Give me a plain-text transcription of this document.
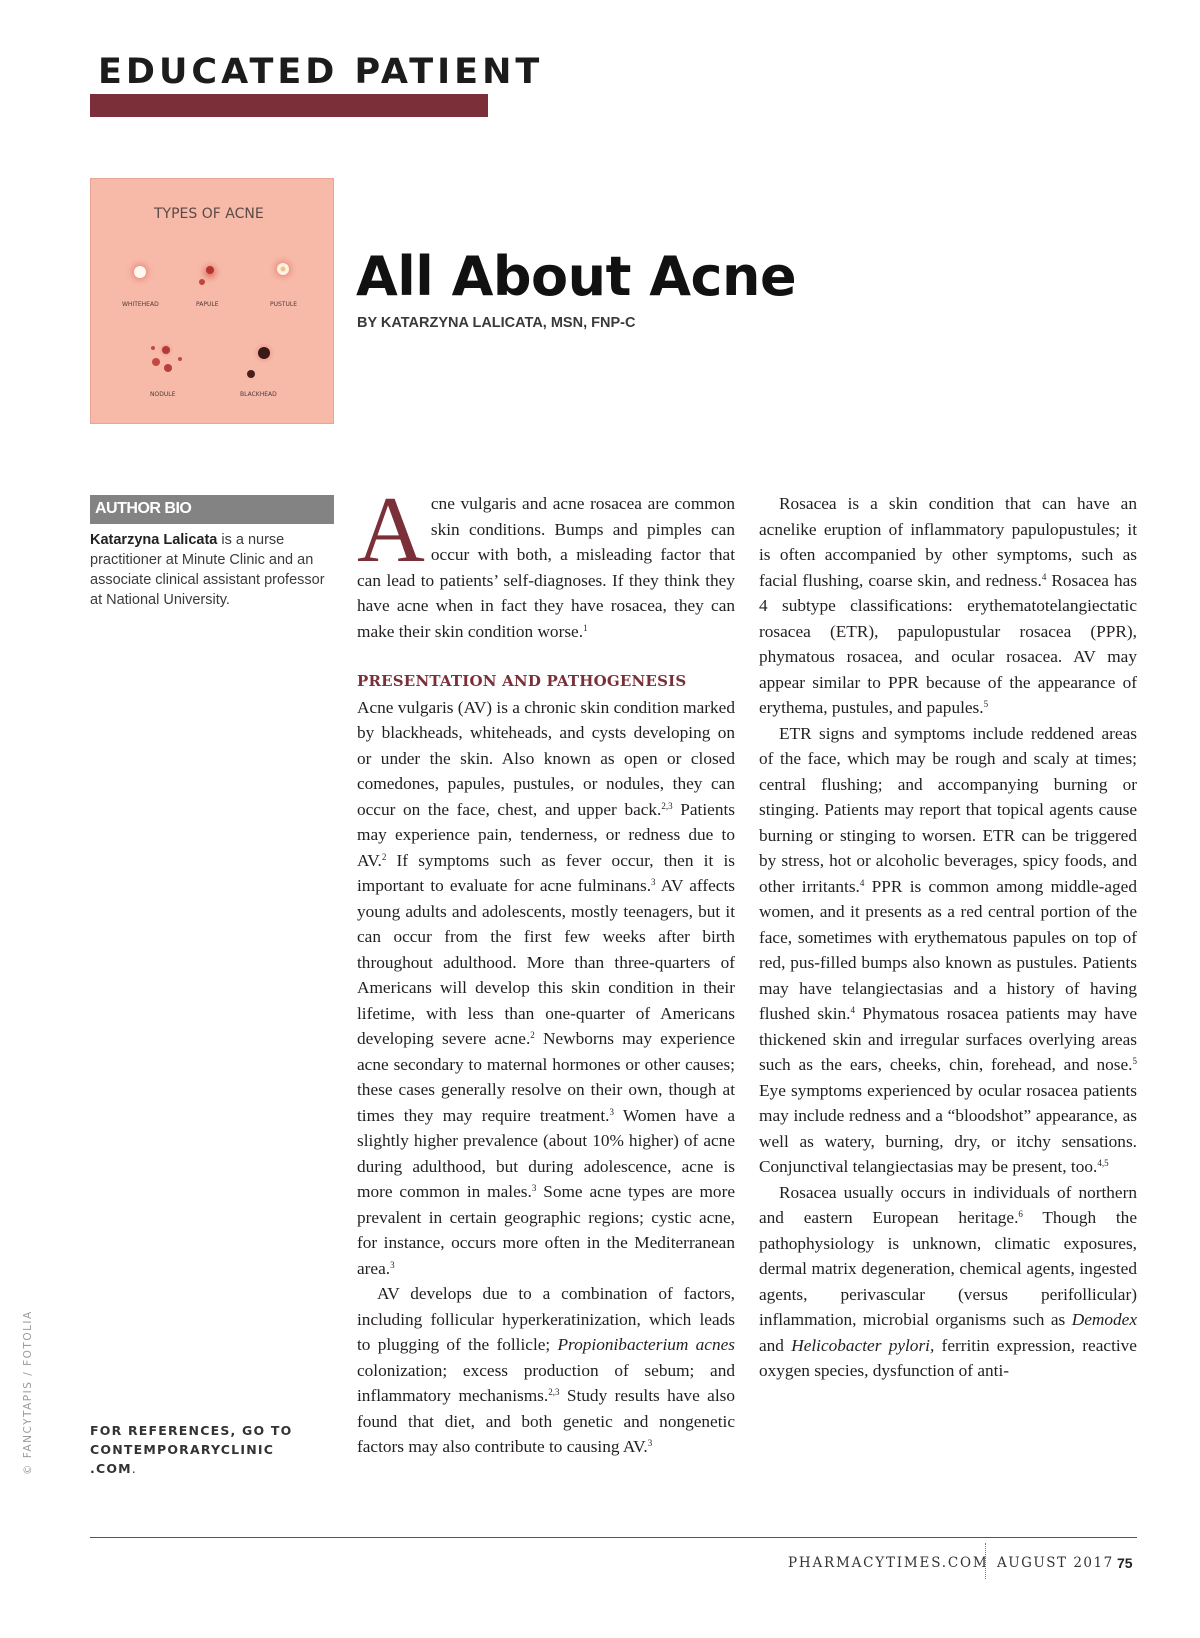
EDUCATED PATIENT
TYPES OF ACNE
WHITEHEAD	PAPULE	PUSTULE
NODULE	BLACKHEAD
All About Acne
BY KATARZYNA LALICATA, MSN, FNP-C
AUTHOR BIO
Katarzyna Lalicata is a nurse practitioner at Minute Clinic and an associate clinical assistant professor at National University.
FOR REFERENCES, GO TO
CONTEMPORARYCLINIC
.COM.
© FANCYTAPIS / FOTOLIA

Acne vulgaris and acne rosacea are common skin conditions. Bumps and pimples can occur with both, a misleading factor that can lead to patients’ self-diagnoses. If they think they have acne when in fact they have rosacea, they can make their skin condition worse.$^1$

PRESENTATION AND PATHOGENESIS

Acne vulgaris (AV) is a chronic skin condition marked by blackheads, whiteheads, and cysts developing on or under the skin. Also known as open or closed comedones, papules, pustules, or nodules, they can occur on the face, chest, and upper back.$^{2,3}$ Patients may experience pain, tenderness, or redness due to AV.$^2$ If symptoms such as fever occur, then it is important to evaluate for acne fulminans.$^3$ AV affects young adults and adolescents, mostly teenagers, but it can occur from the first few weeks after birth throughout adulthood. More than three-quarters of Americans will develop this skin condition in their lifetime, with less than one-quarter of Americans developing severe acne.$^2$ Newborns may experience acne secondary to maternal hormones or other causes; these cases generally resolve on their own, though at times they may require treatment.$^3$ Women have a slightly higher prevalence (about 10% higher) of acne during adulthood, but during adolescence, acne is more common in males.$^3$ Some acne types are more prevalent in certain geographic regions; cystic acne, for instance, occurs more often in the Mediterranean area.$^3$

AV develops due to a combination of factors, including follicular hyperkeratinization, which leads to plugging of the follicle; Propionibacterium acnes colonization; excess production of sebum; and inflammatory mechanisms.$^{2,3}$ Study results have also found that diet, and both genetic and nongenetic factors may also contribute to causing AV.$^3$

Rosacea is a skin condition that can have an acnelike eruption of inflammatory papulopustules; it is often accompanied by other symptoms, such as facial flushing, coarse skin, and redness.$^4$ Rosacea has 4 subtype classifications: erythematotelangiectatic rosacea (ETR), papulopustular rosacea (PPR), phymatous rosacea, and ocular rosacea. AV may appear similar to PPR because of the appearance of erythema, pustules, and papules.$^5$

ETR signs and symptoms include reddened areas of the face, which may be rough and scaly at times; central flushing; and accompanying burning or stinging. Patients may report that topical agents cause burning or stinging to worsen. ETR can be triggered by stress, hot or alcoholic beverages, spicy foods, and other irritants.$^4$ PPR is common among middle-aged women, and it presents as a red central portion of the face, sometimes with erythematous papules on top of red, pus-filled bumps also known as pustules. Patients may have telangiectasias and a history of having flushed skin.$^4$ Phymatous rosacea patients may have thickened skin and irregular surfaces overlying areas such as the ears, cheeks, chin, forehead, and nose.$^5$ Eye symptoms experienced by ocular rosacea patients may include redness and a “bloodshot” appearance, as well as watery, burning, dry, or itchy sensations. Conjunctival telangiectasias may be present, too.$^{4,5}$

Rosacea usually occurs in individuals of northern and eastern European heritage.$^6$ Though the pathophysiology is unknown, climatic exposures, dermal matrix degeneration, chemical agents, ingested agents, perivascular (versus perifollicular) inflammation, microbial organisms such as Demodex and Helicobacter pylori, ferritin expression, reactive oxygen species, dysfunction of anti-

PHARMACYTIMES.COM AUGUST 2017 75
